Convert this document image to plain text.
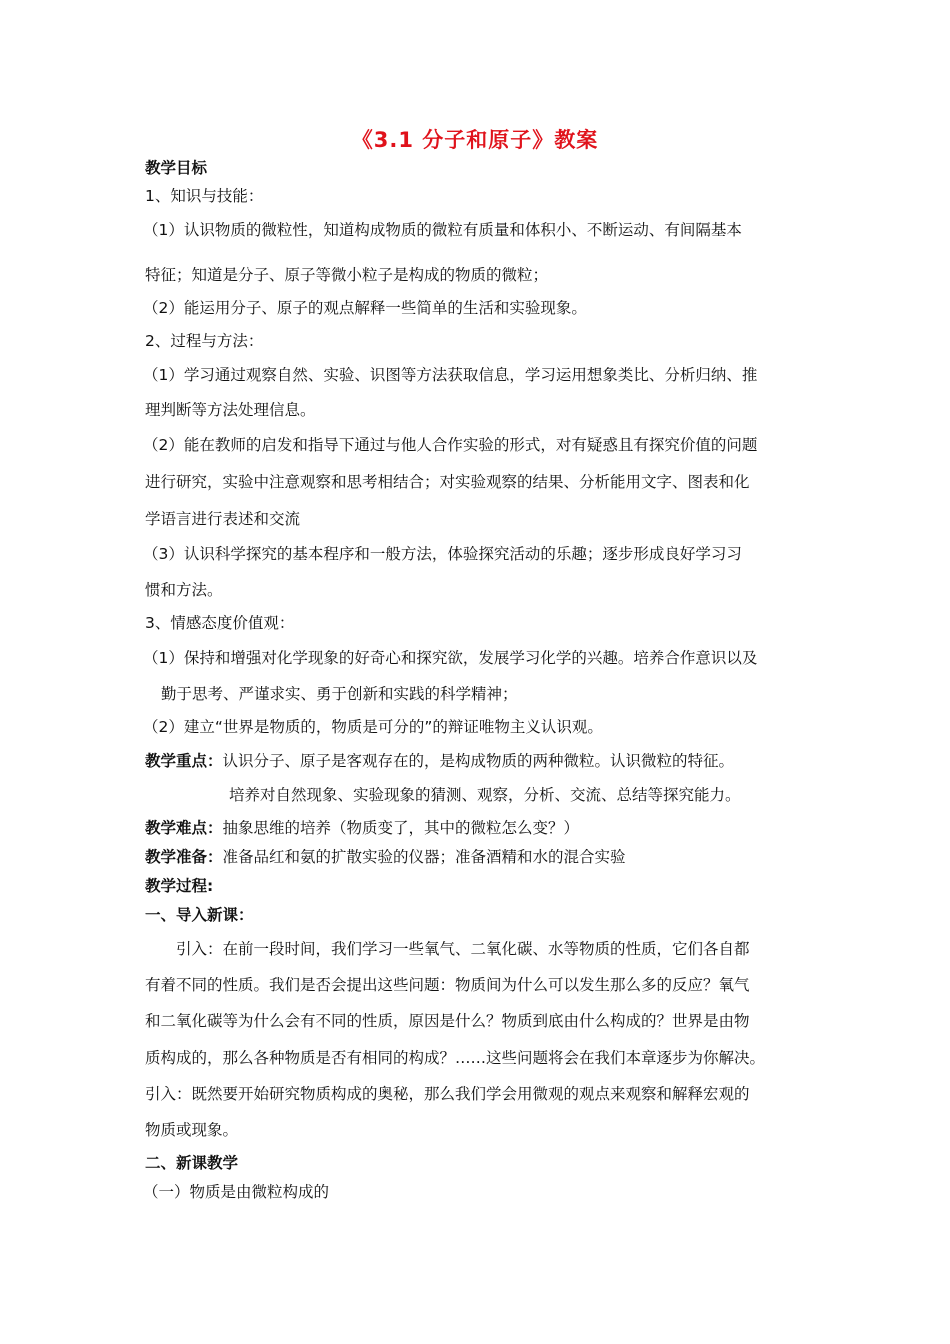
《3.1 分子和原子》教案
教学目标
1、知识与技能：
（1）认识物质的微粒性，知道构成物质的微粒有质量和体积小、不断运动、有间隔基本
特征；知道是分子、原子等微小粒子是构成的物质的微粒；
（2）能运用分子、原子的观点解释一些简单的生活和实验现象。
2、过程与方法：
（1）学习通过观察自然、实验、识图等方法获取信息，学习运用想象类比、分析归纳、推
理判断等方法处理信息。
（2）能在教师的启发和指导下通过与他人合作实验的形式，对有疑惑且有探究价值的问题
进行研究，实验中注意观察和思考相结合；对实验观察的结果、分析能用文字、图表和化
学语言进行表述和交流
（3）认识科学探究的基本程序和一般方法，体验探究活动的乐趣；逐步形成良好学习习
惯和方法。
3、情感态度价值观：
（1）保持和增强对化学现象的好奇心和探究欲，发展学习化学的兴趣。培养合作意识以及
勤于思考、严谨求实、勇于创新和实践的科学精神；
（2）建立“世界是物质的，物质是可分的”的辩证唯物主义认识观。
教学重点：认识分子、原子是客观存在的，是构成物质的两种微粒。认识微粒的特征。
培养对自然现象、实验现象的猜测、观察，分析、交流、总结等探究能力。
教学难点：抽象思维的培养（物质变了，其中的微粒怎么变？）
教学准备：准备品红和氨的扩散实验的仪器；准备酒精和水的混合实验
教学过程:
一、导入新课：
引入：在前一段时间，我们学习一些氧气、二氧化碳、水等物质的性质，它们各自都
有着不同的性质。我们是否会提出这些问题：物质间为什么可以发生那么多的反应？氧气
和二氧化碳等为什么会有不同的性质，原因是什么？物质到底由什么构成的？世界是由物
质构成的，那么各种物质是否有相同的构成？……这些问题将会在我们本章逐步为你解决。
引入：既然要开始研究物质构成的奥秘，那么我们学会用微观的观点来观察和解释宏观的
物质或现象。
二、新课教学
（一）物质是由微粒构成的
